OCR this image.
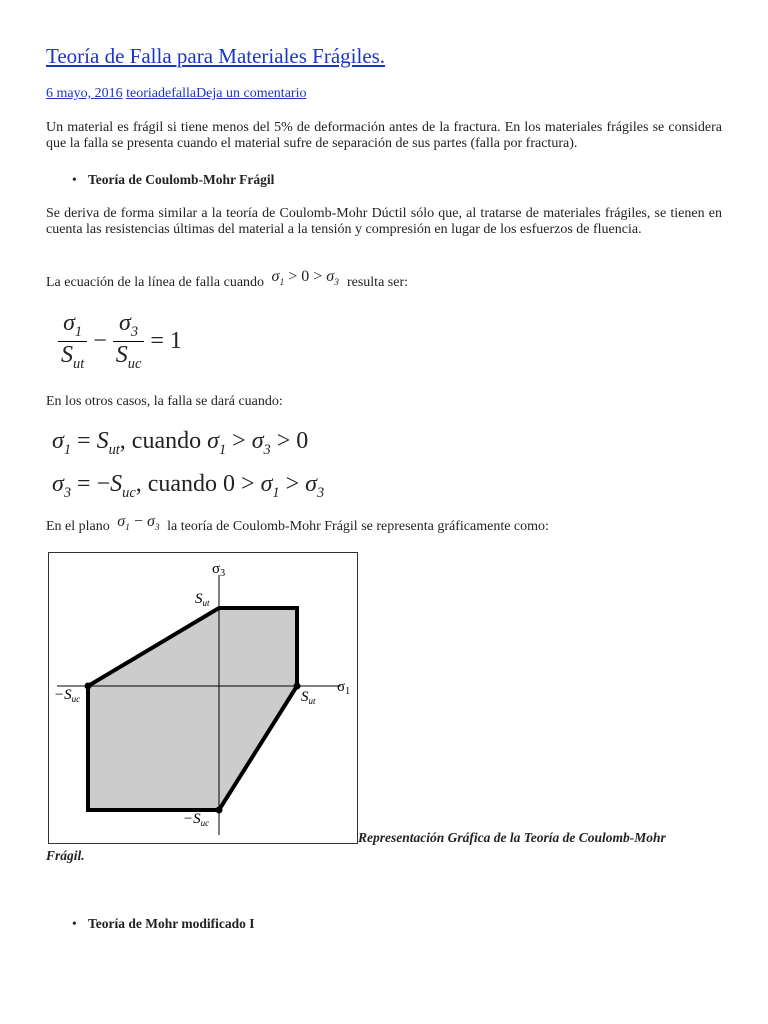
Teoría de Falla para Materiales Frágiles.
6 mayo, 2016 teoriadefallaDeja un comentario

Un material es frágil si tiene menos del 5% de deformación antes de la fractura. En los materiales frágiles se considera que la falla se presenta cuando el material sufre de separación de sus partes (falla por fractura).

• Teoría de Coulomb-Mohr Frágil

Se deriva de forma similar a la teoría de Coulomb-Mohr Dúctil sólo que, al tratarse de materiales frágiles, se tienen en cuenta las resistencias últimas del material a la tensión y compresión en lugar de los esfuerzos de fluencia.

La ecuación de la línea de falla cuando $\sigma_1 > 0 > \sigma_3$ resulta ser:
$\frac{\sigma_1}{S_{ut}} - \frac{\sigma_3}{S_{uc}} = 1$
En los otros casos, la falla se dará cuando:
$\sigma_1 = S_{ut}$, cuando $\sigma_1 > \sigma_3 > 0$
$\sigma_3 = -S_{uc}$, cuando $0 > \sigma_1 > \sigma_3$
En el plano $\sigma_1 - \sigma_3$ la teoría de Coulomb-Mohr Frágil se representa gráficamente como:
$\sigma_3$
$\sigma_1$
$S_{ut}$
$S_{ut}$
$-S_{uc}$
$-S_{uc}$
Representación Gráfica de la Teoría de Coulomb-Mohr
Frágil.
• Teoría de Mohr modificado I
